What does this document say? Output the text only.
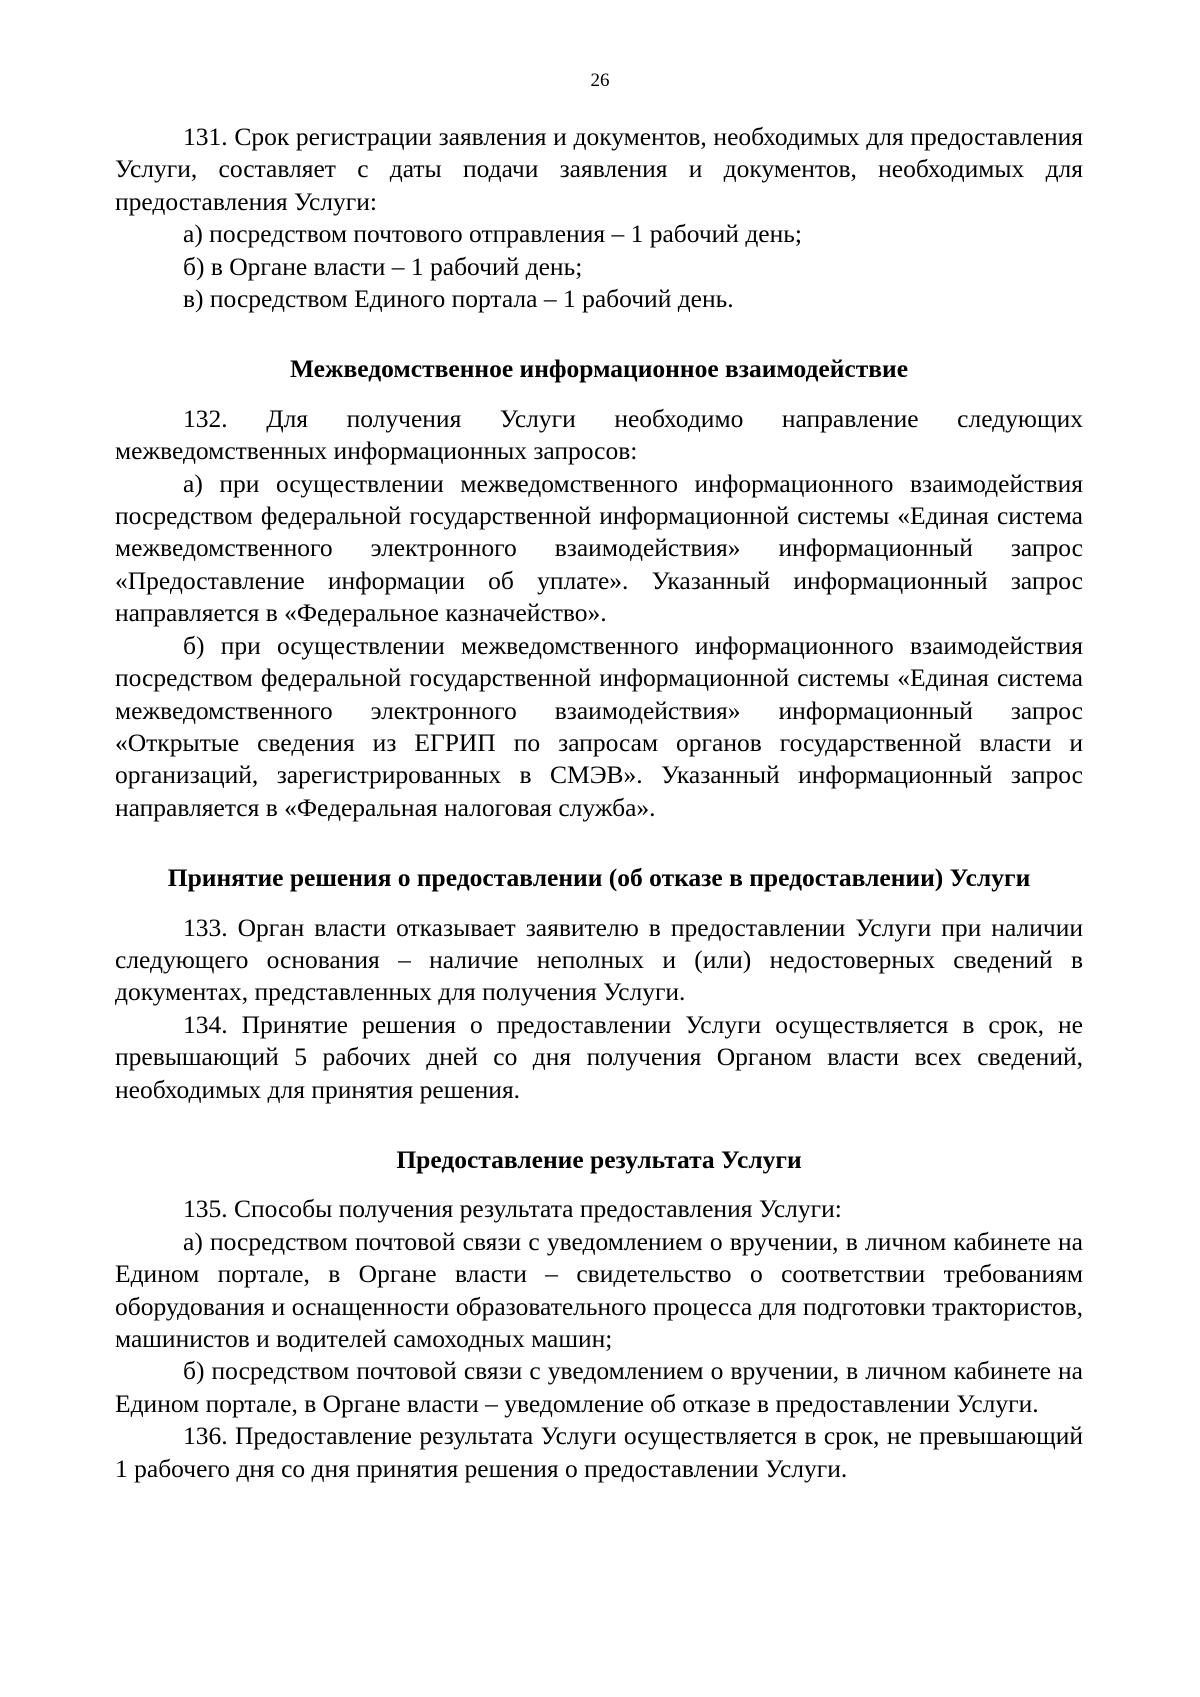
26

131. Срок регистрации заявления и документов, необходимых для предоставления Услуги, составляет с даты подачи заявления и документов, необходимых для предоставления Услуги:

а) посредством почтового отправления – 1 рабочий день;

б) в Органе власти – 1 рабочий день;

в) посредством Единого портала – 1 рабочий день.

Межведомственное информационное взаимодействие

132. Для получения Услуги необходимо направление следующих межведомственных информационных запросов:

а) при осуществлении межведомственного информационного взаимодействия посредством федеральной государственной информационной системы «Единая система межведомственного электронного взаимодействия» информационный запрос «Предоставление информации об уплате». Указанный информационный запрос направляется в «Федеральное казначейство».

б) при осуществлении межведомственного информационного взаимодействия посредством федеральной государственной информационной системы «Единая система межведомственного электронного взаимодействия» информационный запрос «Открытые сведения из ЕГРИП по запросам органов государственной власти и организаций, зарегистрированных в СМЭВ». Указанный информационный запрос направляется в «Федеральная налоговая служба».

Принятие решения о предоставлении (об отказе в предоставлении) Услуги

133. Орган власти отказывает заявителю в предоставлении Услуги при наличии следующего основания – наличие неполных и (или) недостоверных сведений в документах, представленных для получения Услуги.

134. Принятие решения о предоставлении Услуги осуществляется в срок, не превышающий 5 рабочих дней со дня получения Органом власти всех сведений, необходимых для принятия решения.

Предоставление результата Услуги

135. Способы получения результата предоставления Услуги:

а) посредством почтовой связи с уведомлением о вручении, в личном кабинете на Едином портале, в Органе власти – свидетельство о соответствии требованиям оборудования и оснащенности образовательного процесса для подготовки трактористов, машинистов и водителей самоходных машин;

б) посредством почтовой связи с уведомлением о вручении, в личном кабинете на Едином портале, в Органе власти – уведомление об отказе в предоставлении Услуги.

136. Предоставление результата Услуги осуществляется в срок, не превышающий 1 рабочего дня со дня принятия решения о предоставлении Услуги.
